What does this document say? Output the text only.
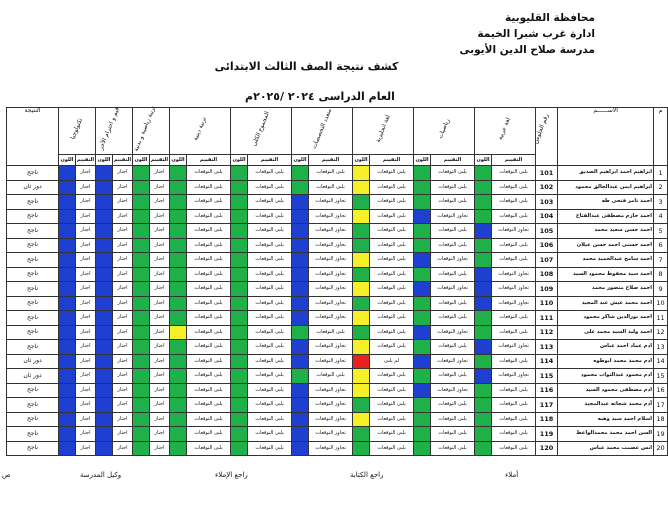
محافظة القليوبية
ادارة غرب شبرا الخيمة
مدرسة صلاح الدين الأيوبى
كشف نتيجة الصف الثالث الابتدائى
العام الدراسى ٢٠٢٤ /٢٠٢٥م
م	الاســــــم	رقم الجلوس	لغة عربية		رياضيات		لغة انجليزية		متعدد التخصصات		المجموع الكلى		تربية دينية		تربية رياضية و بدنية		قيم و احترام الآخر		تكنولوجيا		النتيجة
			التقييم	اللون	التقييم	اللون	التقييم	اللون	التقييم	اللون	التقييم	اللون	التقييم	اللون	التقييم	اللون	التقييم	اللون	التقييم	اللون	
1	ابراهيم احمد ابراهيم الصديق	101	يلبى التوقعات		يلبى التوقعات		يلبى التوقعات		يلبى التوقعات		يلبى التوقعات		يلبى التوقعات		اجتاز		اجتاز		اجتاز		ناجح
2	ابراهيم ايمن عبدالخالق محمود	102	يلبى التوقعات		يلبى التوقعات		يلبى التوقعات		يلبى التوقعات		يلبى التوقعات		يلبى التوقعات		اجتاز		اجتاز		اجتاز		دور ثان
3	احمد تامر فتحى طه	103	يلبى التوقعات		يلبى التوقعات		يلبى التوقعات		تجاوز التوقعات		يلبى التوقعات		يلبى التوقعات		اجتاز		اجتاز		اجتاز		ناجح
4	احمد حازم مصطفى عبدالفتاح	104	يلبى التوقعات		تجاوز التوقعات		يلبى التوقعات		تجاوز التوقعات		يلبى التوقعات		يلبى التوقعات		اجتاز		اجتاز		اجتاز		ناجح
5	احمد حسن سعيد محمد	105	تجاوز التوقعات		يلبى التوقعات		يلبى التوقعات		تجاوز التوقعات		يلبى التوقعات		يلبى التوقعات		اجتاز		اجتاز		اجتاز		ناجح
6	احمد حسنى احمد حسن غيلان	106	يلبى التوقعات		يلبى التوقعات		يلبى التوقعات		تجاوز التوقعات		يلبى التوقعات		يلبى التوقعات		اجتاز		اجتاز		اجتاز		ناجح
7	احمد سامح عبدالحميد محمد	107	يلبى التوقعات		تجاوز التوقعات		يلبى التوقعات		تجاوز التوقعات		يلبى التوقعات		يلبى التوقعات		اجتاز		اجتاز		اجتاز		ناجح
8	احمد سيد محفوظ محمود السيد	108	تجاوز التوقعات		يلبى التوقعات		يلبى التوقعات		تجاوز التوقعات		يلبى التوقعات		يلبى التوقعات		اجتاز		اجتاز		اجتاز		ناجح
9	احمد صلاح منصور محمد	109	تجاوز التوقعات		تجاوز التوقعات		يلبى التوقعات		تجاوز التوقعات		يلبى التوقعات		يلبى التوقعات		اجتاز		اجتاز		اجتاز		ناجح
10	احمد محمد عيش عبد المجيد	110	تجاوز التوقعات		يلبى التوقعات		يلبى التوقعات		تجاوز التوقعات		يلبى التوقعات		يلبى التوقعات		اجتاز		اجتاز		اجتاز		ناجح
11	احمد نورالدين شاكر محمود	111	يلبى التوقعات		يلبى التوقعات		يلبى التوقعات		تجاوز التوقعات		يلبى التوقعات		يلبى التوقعات		اجتاز		اجتاز		اجتاز		ناجح
12	احمد وليد السيد محمد على	112	يلبى التوقعات		تجاوز التوقعات		يلبى التوقعات		يلبى التوقعات		يلبى التوقعات		يلبى التوقعات		اجتاز		اجتاز		اجتاز		ناجح
13	ادم عماد احمد عباس	113	تجاوز التوقعات		يلبى التوقعات		يلبى التوقعات		تجاوز التوقعات		يلبى التوقعات		يلبى التوقعات		اجتاز		اجتاز		اجتاز		ناجح
14	ادم محمد محمد ابوطوه	114	يلبى التوقعات		تجاوز التوقعات		لم يلبى		تجاوز التوقعات		يلبى التوقعات		يلبى التوقعات		اجتاز		اجتاز		اجتاز		دور ثان
15	ادم محمود عبدالتواب محمود	115	تجاوز التوقعات		يلبى التوقعات		يلبى التوقعات		يلبى التوقعات		يلبى التوقعات		يلبى التوقعات		اجتاز		اجتاز		اجتاز		دور ثان
16	ادم مصطفى محمود السيد	116	يلبى التوقعات		تجاوز التوقعات		يلبى التوقعات		تجاوز التوقعات		يلبى التوقعات		يلبى التوقعات		اجتاز		اجتاز		اجتاز		ناجح
17	آدم محمد شحاته عبدالمجيد	117	يلبى التوقعات		يلبى التوقعات		يلبى التوقعات		تجاوز التوقعات		يلبى التوقعات		يلبى التوقعات		اجتاز		اجتاز		اجتاز		ناجح
18	اسلام احمد سيد وهيه	118	يلبى التوقعات		يلبى التوقعات		يلبى التوقعات		تجاوز التوقعات		يلبى التوقعات		يلبى التوقعات		اجتاز		اجتاز		اجتاز		ناجح
19	السن احمد محمد محمدالواعظ	119	يلبى التوقعات		يلبى التوقعات		يلبى التوقعات		تجاوز التوقعات		يلبى التوقعات		يلبى التوقعات		اجتاز		اجتاز		اجتاز		ناجح
20	انس عصمت محمد عباس	120	يلبى التوقعات		يلبى التوقعات		يلبى التوقعات		تجاوز التوقعات		يلبى التوقعات		يلبى التوقعات		اجتاز		اجتاز		اجتاز		ناجح
أملاء
راجع الكتابة
راجع الإملاء
وكيل المدرسة
ص
